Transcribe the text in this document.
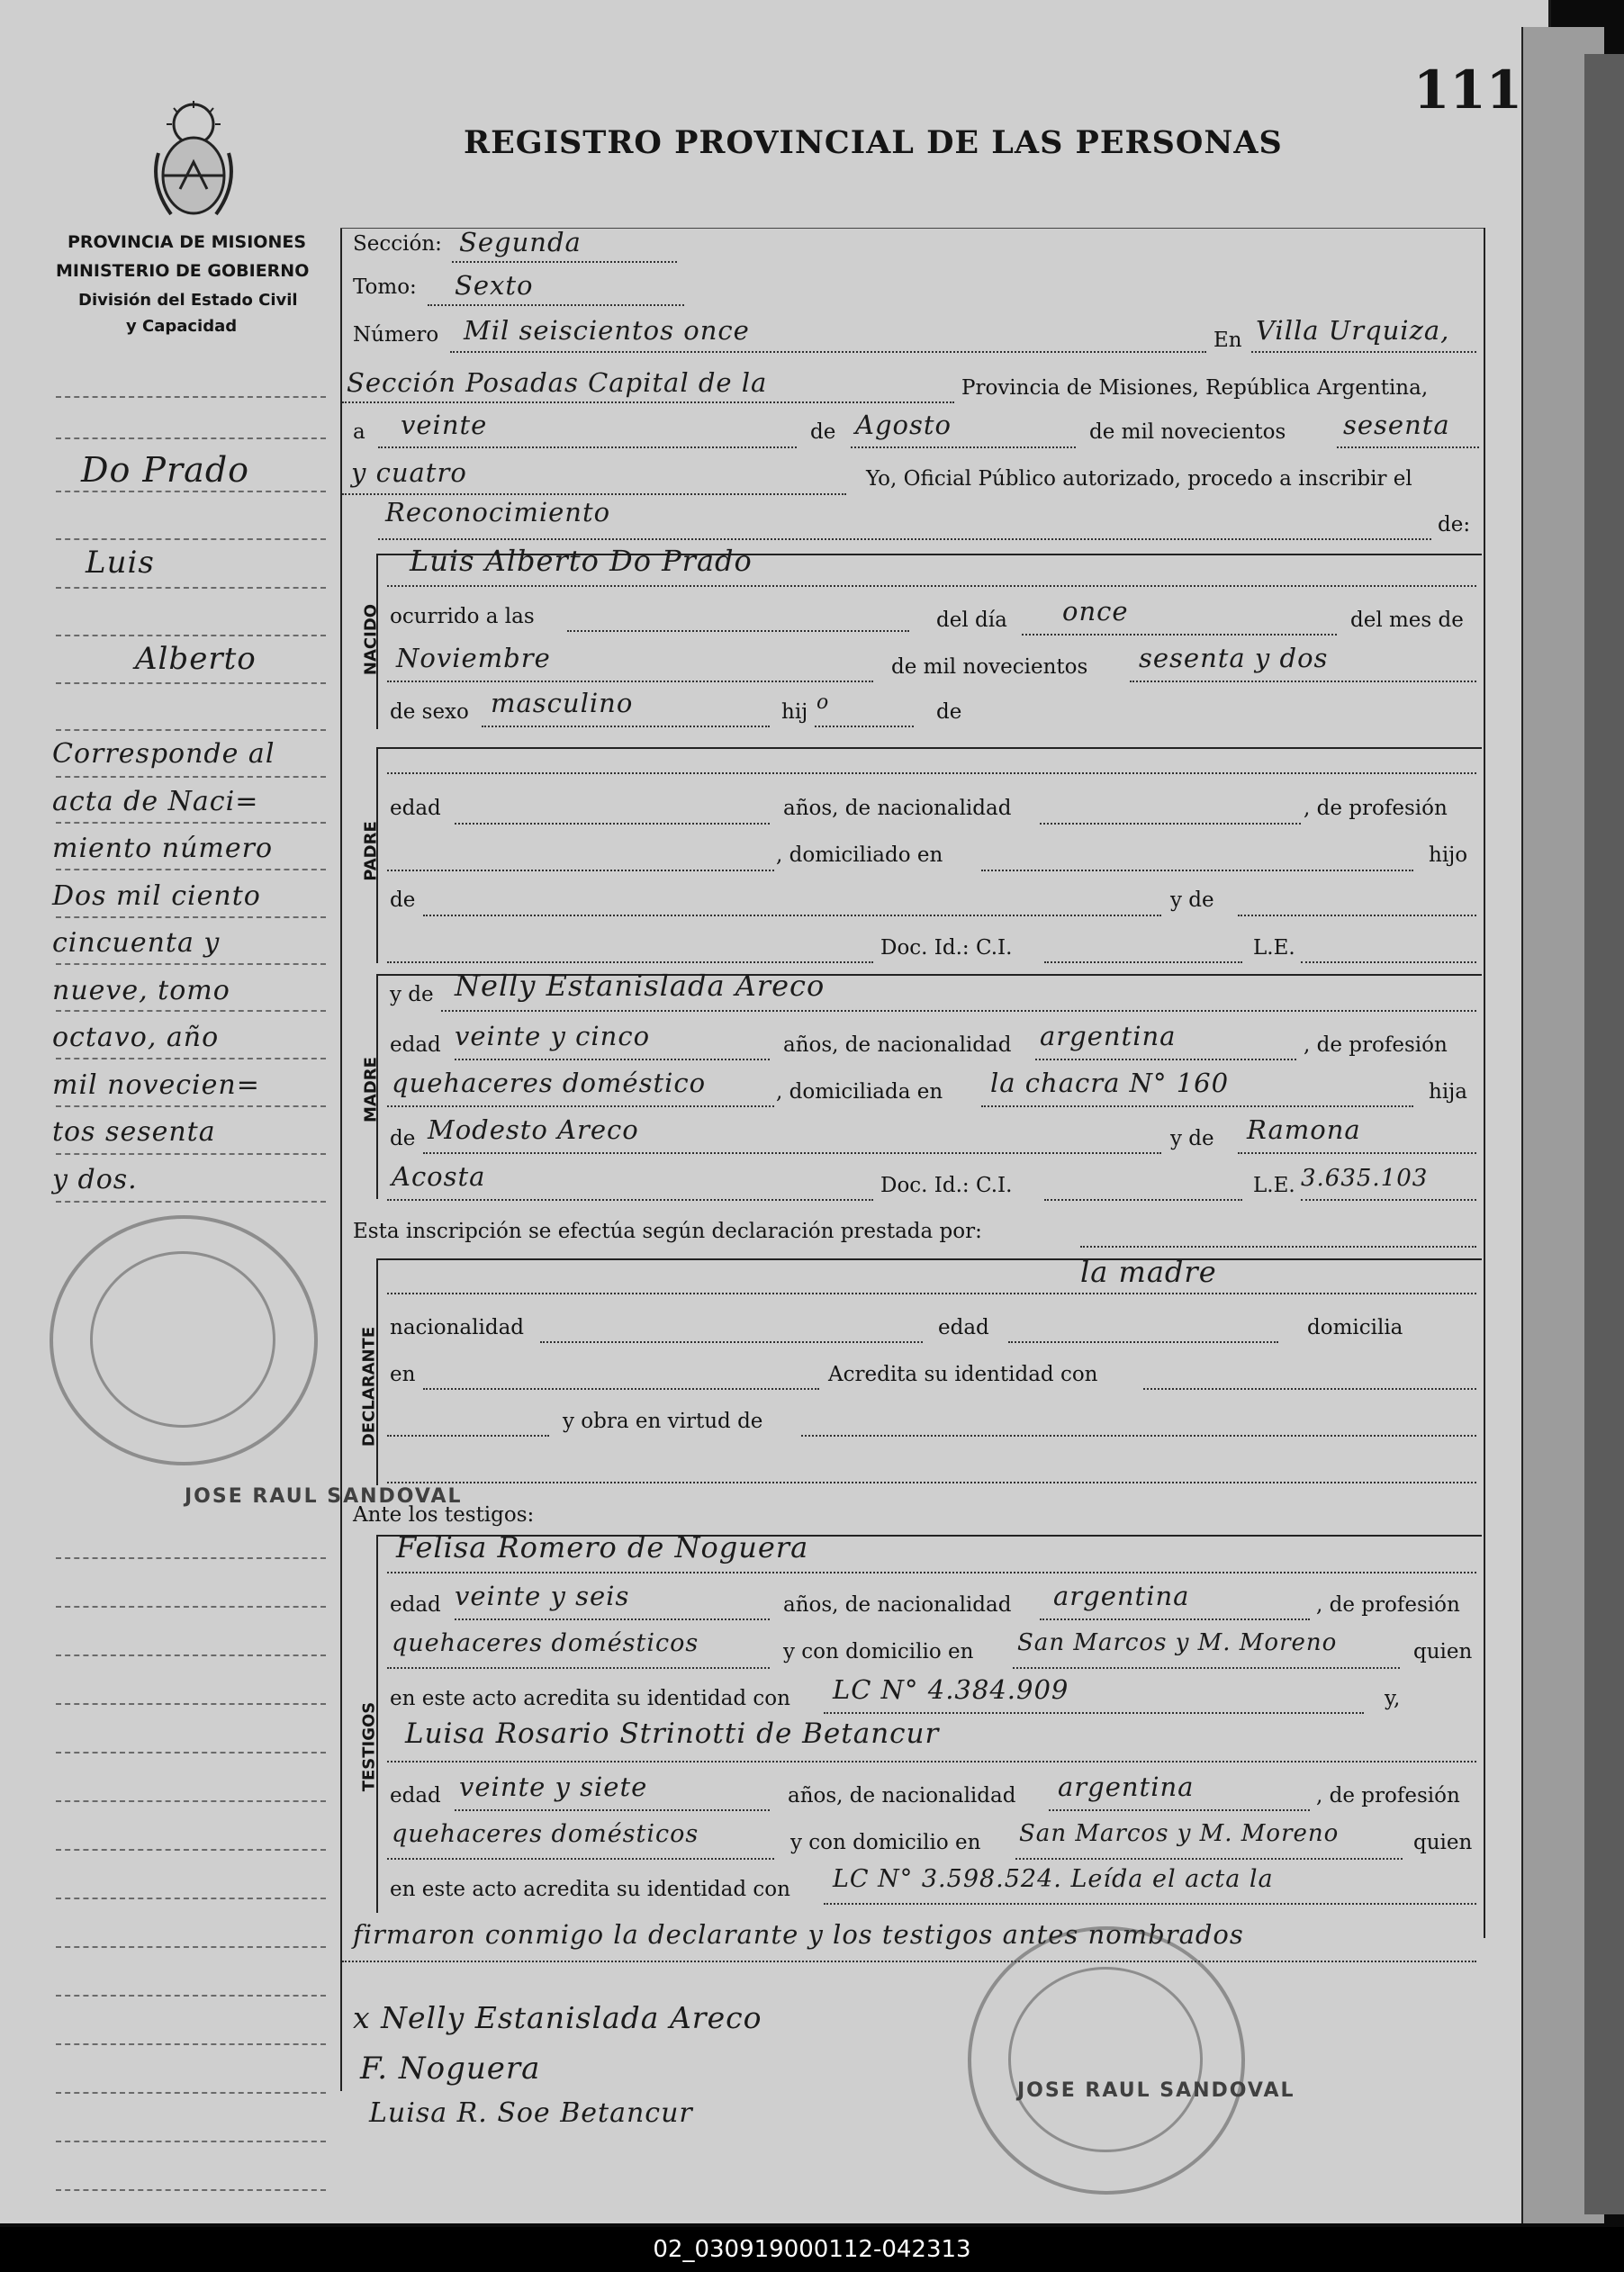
111
REGISTRO PROVINCIAL DE LAS PERSONAS
PROVINCIA DE MISIONES
MINISTERIO DE GOBIERNO
División del Estado Civil
y Capacidad
Do Prado
Luis
Alberto
Corresponde al
acta de Naci=
miento número
Dos mil ciento
cincuenta y
nueve, tomo
octavo, año
mil novecien=
tos sesenta
y dos.
Sección: Segunda
Tomo: Sexto
Número Mil seiscientos once	En Villa Urquiza,
Sección Posadas Capital de la	Provincia de Misiones, República Argentina,
a veinte	de Agosto	de mil novecientos sesenta
y cuatro	Yo, Oficial Público autorizado, procedo a inscribir el
Reconocimiento	de:
NACIDO
Luis Alberto Do Prado
ocurrido a las	del día once	del mes de
Noviembre	de mil novecientos sesenta y dos
de sexo masculino	hij o	de
PADRE
edad	años, de nacionalidad	, de profesión
, domiciliado en	hijo
de	y de
Doc. Id.: C.I.	L.E.
MADRE
y de Nelly Estanislada Areco
edad veinte y cinco	años, de nacionalidad argentina	, de profesión
quehaceres doméstico	, domiciliada en la chacra N° 160	hija
de Modesto Areco	y de Ramona
Acosta	Doc. Id.: C.I.	L.E. 3.635.103
Esta inscripción se efectúa según declaración prestada por:
DECLARANTE
la madre
nacionalidad	edad	domicilia
en	Acredita su identidad con
y obra en virtud de
Ante los testigos:
TESTIGOS
Felisa Romero de Noguera
edad veinte y seis	años, de nacionalidad argentina	, de profesión
quehaceres domésticos	y con domicilio en San Marcos y M. Moreno	quien
en este acto acredita su identidad con LC N° 4.384.909	y,
Luisa Rosario Strinotti de Betancur
edad veinte y siete	años, de nacionalidad argentina	, de profesión
quehaceres domésticos	y con domicilio en San Marcos y M. Moreno	quien
en este acto acredita su identidad con LC N° 3.598.524. Leída el acta la
firmaron conmigo la declarante y los testigos antes nombrados
x Nelly Estanislada Areco
F. Noguera
Luisa R. Soe Betancur
JOSE RAUL SANDOVAL
JOSE RAUL SANDOVAL
02_030919000112-042313
